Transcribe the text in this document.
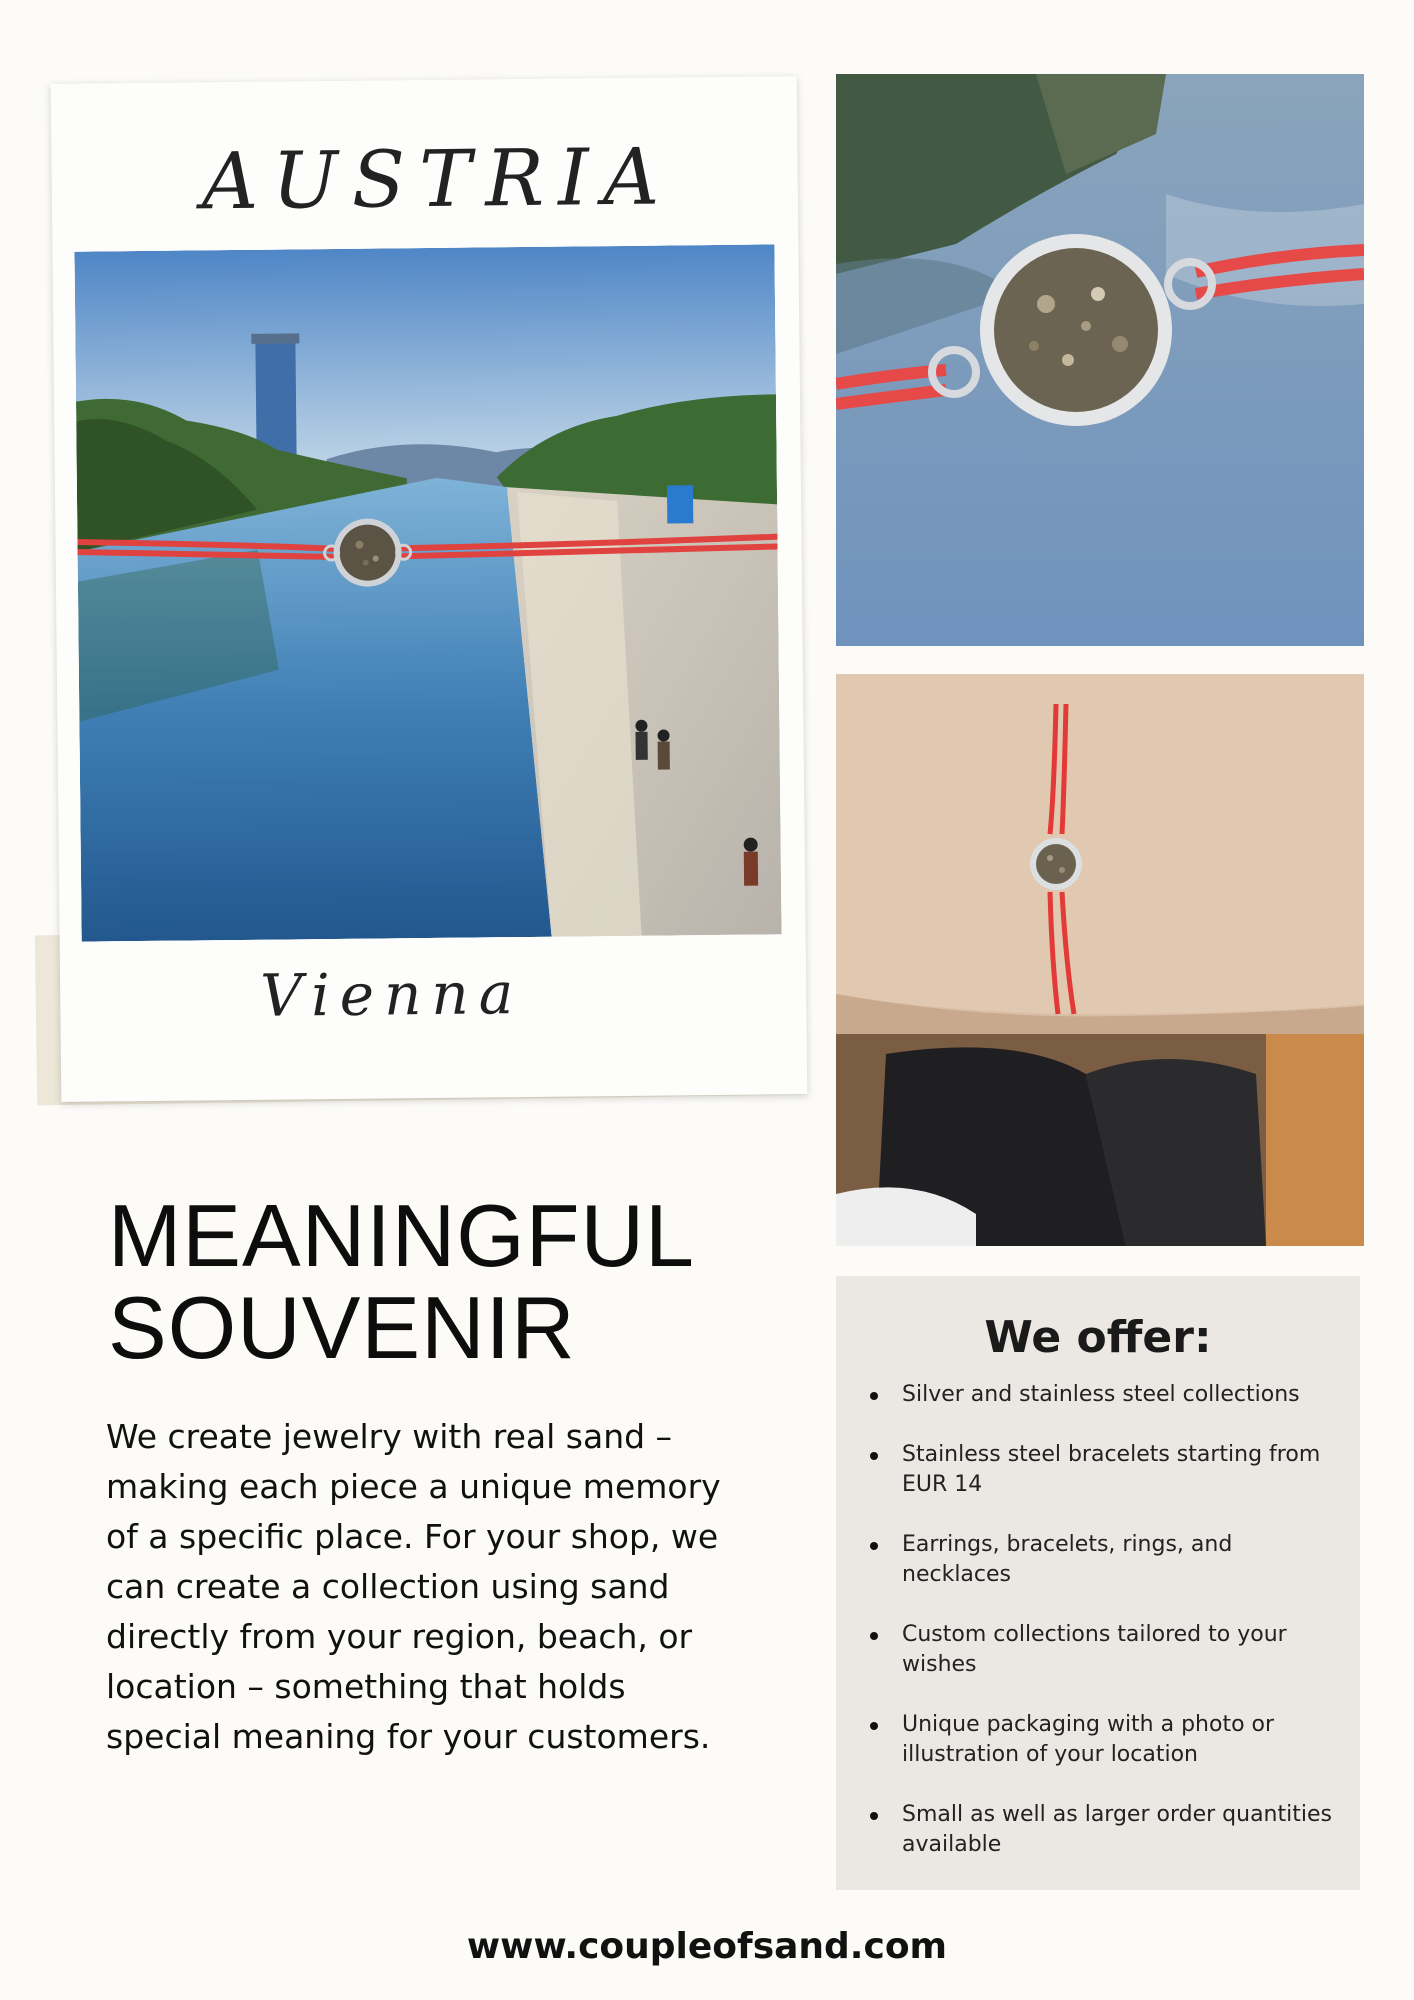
AUSTRIA
Vienna
MEANINGFUL
SOUVENIR

We create jewelry with real sand – making each piece a unique memory of a specific place. For your shop, we can create a collection using sand directly from your region, beach, or location – something that holds special meaning for your customers.

We offer:
Silver and stainless steel collections
Stainless steel bracelets starting from EUR 14
Earrings, bracelets, rings, and necklaces
Custom collections tailored to your wishes
Unique packaging with a photo or illustration of your location
Small as well as larger order quantities available
www.coupleofsand.com
